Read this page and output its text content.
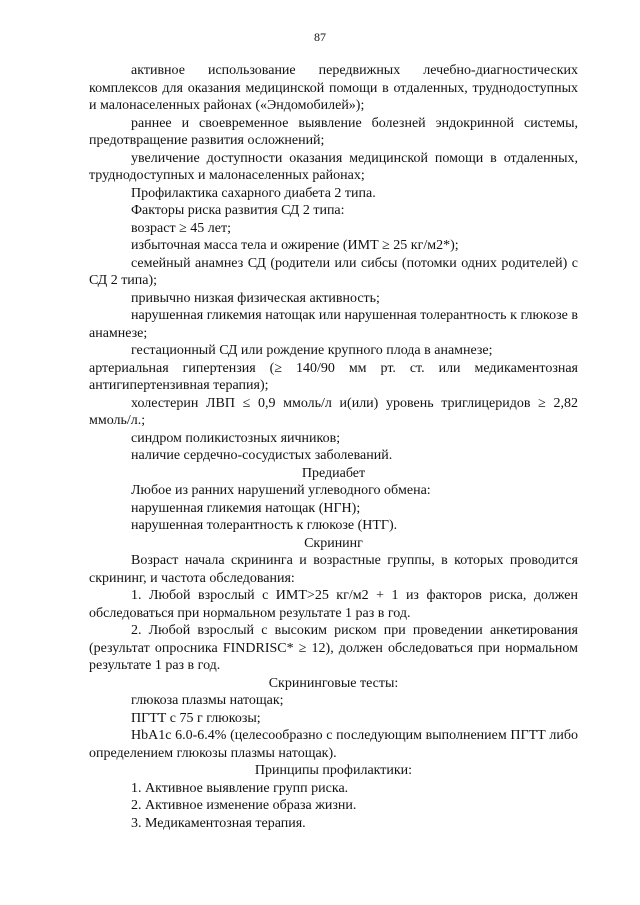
87

активное использование передвижных лечебно-диагностических комплексов для оказания медицинской помощи в отдаленных, труднодоступных и малонаселенных районах («Эндомобилей»);

раннее и своевременное выявление болезней эндокринной системы, предотвращение развития осложнений;

увеличение доступности оказания медицинской помощи в отдаленных, труднодоступных и малонаселенных районах;

Профилактика сахарного диабета 2 типа.

Факторы риска развития СД 2 типа:

возраст ≥ 45 лет;

избыточная масса тела и ожирение (ИМТ ≥ 25 кг/м2*);

семейный анамнез СД (родители или сибсы (потомки одних родителей) с СД 2 типа);

привычно низкая физическая активность;

нарушенная гликемия натощак или нарушенная толерантность к глюкозе в анамнезе;

гестационный СД или рождение крупного плода в анамнезе;

артериальная гипертензия (≥ 140/90 мм рт. ст. или медикаментозная антигипертензивная терапия);

холестерин ЛВП ≤ 0,9 ммоль/л и(или) уровень триглицеридов ≥ 2,82 ммоль/л.;

синдром поликистозных яичников;

наличие сердечно-сосудистых заболеваний.

Предиабет

Любое из ранних нарушений углеводного обмена:

нарушенная гликемия натощак (НГН);

нарушенная толерантность к глюкозе (НТГ).

Скрининг

Возраст начала скрининга и возрастные группы, в которых проводится скрининг, и частота обследования:

1. Любой взрослый с ИМТ>25 кг/м2 + 1 из факторов риска, должен обследоваться при нормальном результате 1 раз в год.

2. Любой взрослый с высоким риском при проведении анкетирования (результат опросника FINDRISC* ≥ 12), должен обследоваться при нормальном результате 1 раз в год.

Скрининговые тесты:

глюкоза плазмы натощак;

ПГТТ с 75 г глюкозы;

HbA1c 6.0-6.4% (целесообразно с последующим выполнением ПГТТ либо определением глюкозы плазмы натощак).

Принципы профилактики:

1. Активное выявление групп риска.

2. Активное изменение образа жизни.

3. Медикаментозная терапия.
